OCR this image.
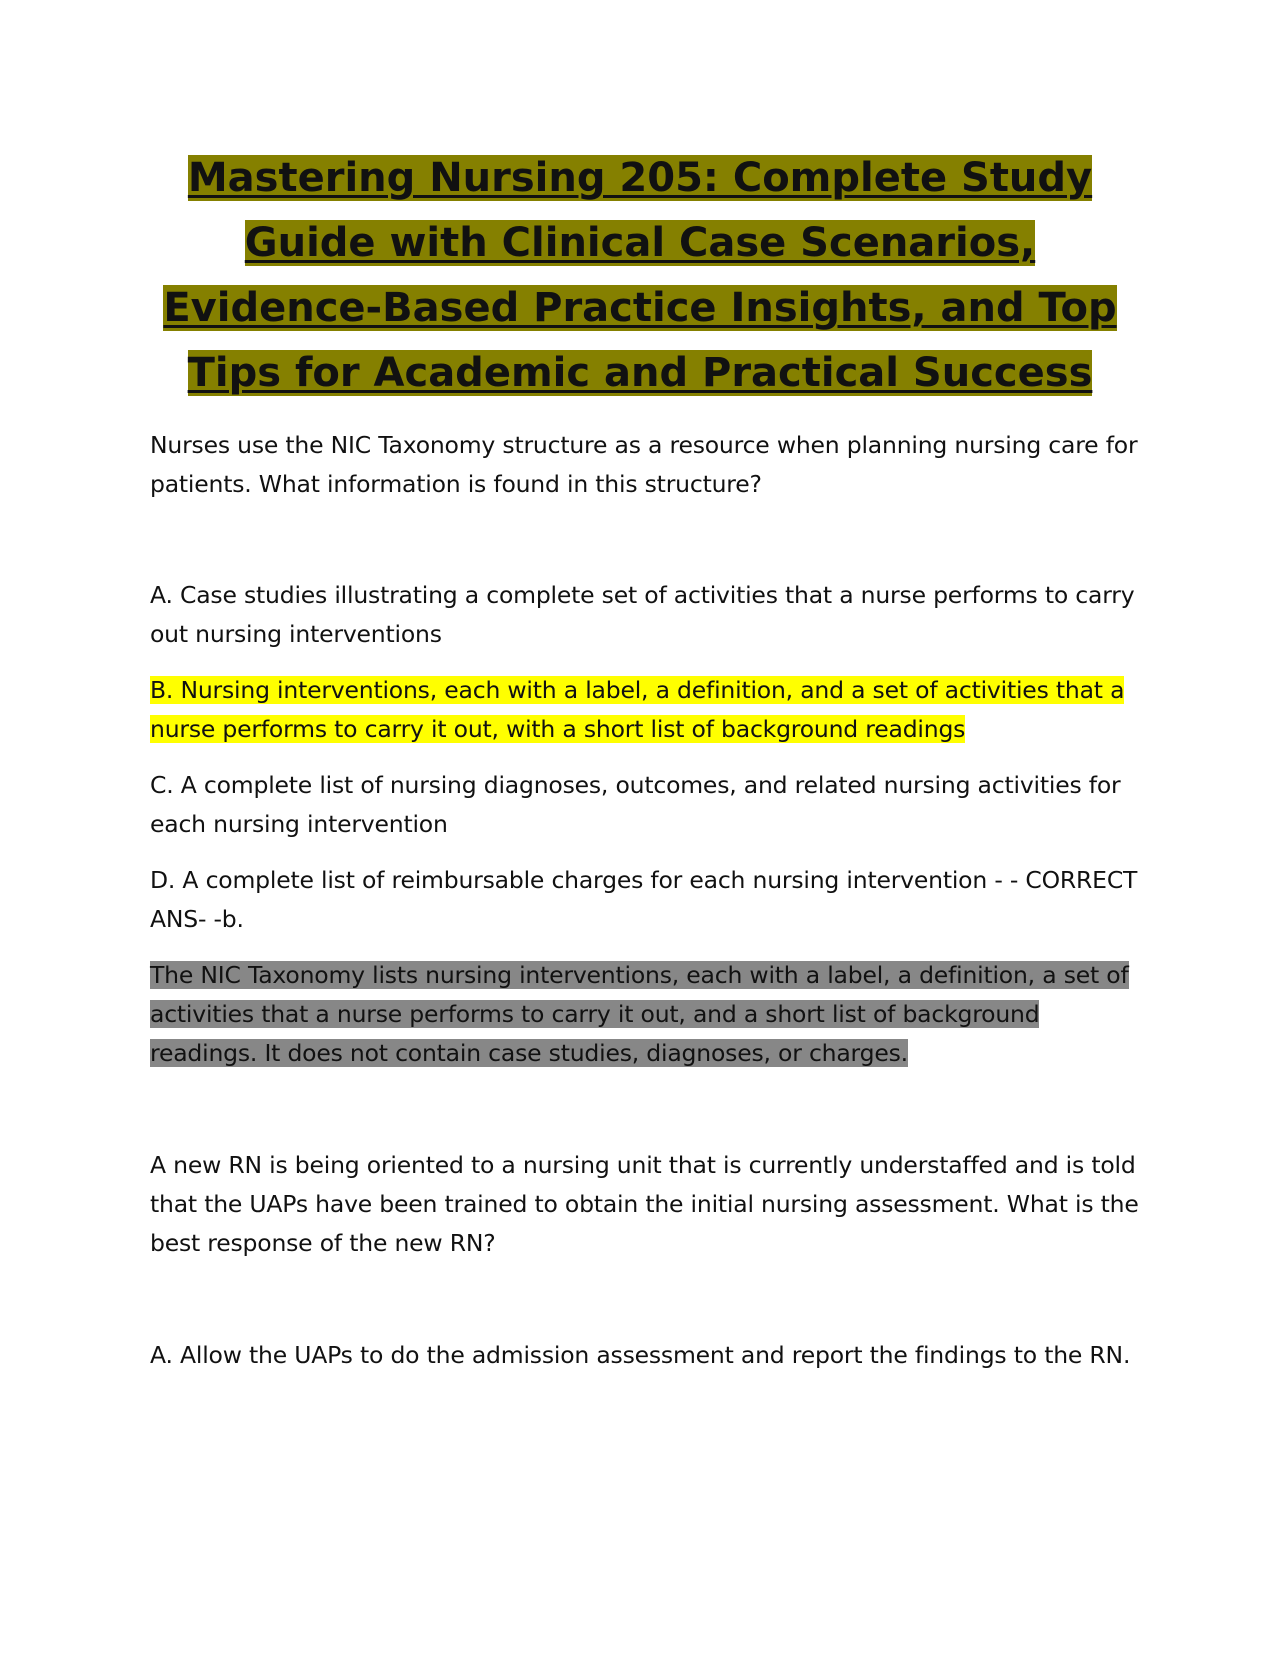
Mastering Nursing 205: Complete Study Guide with Clinical Case Scenarios, Evidence-Based Practice Insights, and Top Tips for Academic and Practical Success

Nurses use the NIC Taxonomy structure as a resource when planning nursing care for patients. What information is found in this structure?

A. Case studies illustrating a complete set of activities that a nurse performs to carry out nursing interventions

B. Nursing interventions, each with a label, a definition, and a set of activities that a nurse performs to carry it out, with a short list of background readings

C. A complete list of nursing diagnoses, outcomes, and related nursing activities for each nursing intervention

D. A complete list of reimbursable charges for each nursing intervention - - CORRECT ANS- -b.

The NIC Taxonomy lists nursing interventions, each with a label, a definition, a set of activities that a nurse performs to carry it out, and a short list of background readings. It does not contain case studies, diagnoses, or charges.

A new RN is being oriented to a nursing unit that is currently understaffed and is told that the UAPs have been trained to obtain the initial nursing assessment. What is the best response of the new RN?

A. Allow the UAPs to do the admission assessment and report the findings to the RN.
